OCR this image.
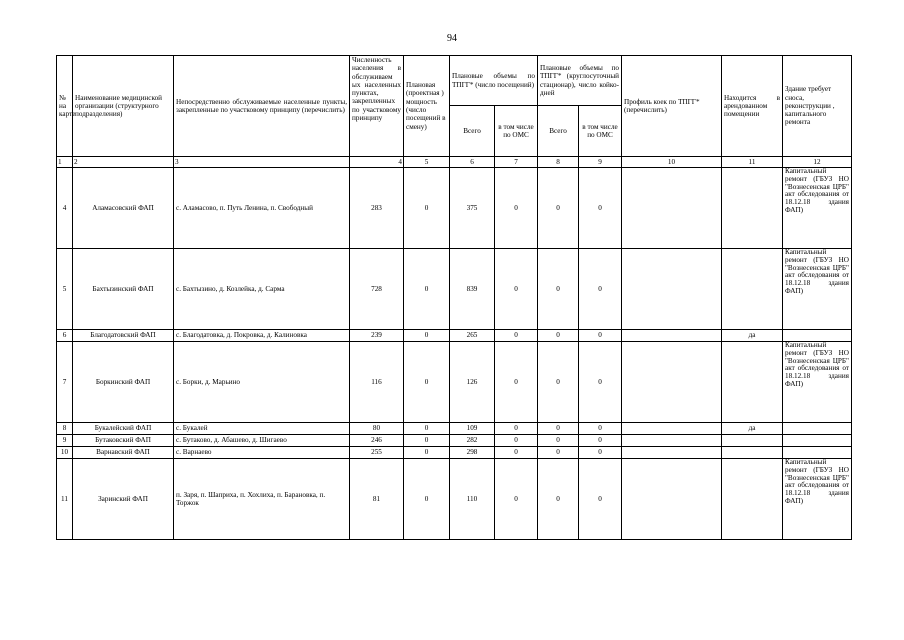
94
№ на карте	Наименование медицинской организации (структурного подразделения)	Непосредственно обслуживаемые населенные пункты, закрепленные по участковому принципу (перечислить)	Численность населения в обслуживаем ых населенных пунктах, закрепленных по участковому принципу	Плановая (проектная ) мощность (число посещений в смену)	Плановые объемы по ТПГГ* (число посещений)		Плановые объемы по ТПГГ* (круглосуточный стационар), число койко-дней		Профиль коек по ТПГГ* (перечислить)	Находится в арендованном помещении	Здание требует сноса, реконструкции , капитального ремонта
					Всего	в том числе по ОМС	Всего	в том числе по ОМС			
1	2	3	4	5	6	7	8	9	10	11	12
4	Аламасовский ФАП	с. Аламасово, п. Путь Ленина, п. Свободный	283	0	375	0	0	0			Капитальный ремонт (ГБУЗ НО "Вознесенская ЦРБ" акт обследования от 18.12.18 здания ФАП)
5	Бахтызинский ФАП	с. Бахтызино, д. Козлейка, д. Сарма	728	0	839	0	0	0			Капитальный ремонт (ГБУЗ НО "Вознесенская ЦРБ" акт обследования от 18.12.18 здания ФАП)
6	Благодатовский ФАП	с. Благодатовка, д. Покровка, д. Калиновка	239	0	265	0	0	0		да	
7	Боркинский ФАП	с. Борки, д. Марьино	116	0	126	0	0	0			Капитальный ремонт (ГБУЗ НО "Вознесенская ЦРБ" акт обследования от 18.12.18 здания ФАП)
8	Букалейский ФАП	с. Букалей	80	0	109	0	0	0		да	
9	Бутаковский ФАП	с. Бутаково, д. Абашево, д. Шигаево	246	0	282	0	0	0			
10	Варнавский ФАП	с. Варнаево	255	0	298	0	0	0			
11	Заринский ФАП	п. Заря, п. Шаприха, п. Хохлиха, п. Барановка, п. Торжок	81	0	110	0	0	0			Капитальный ремонт (ГБУЗ НО "Вознесенская ЦРБ" акт обследования от 18.12.18 здания ФАП)
